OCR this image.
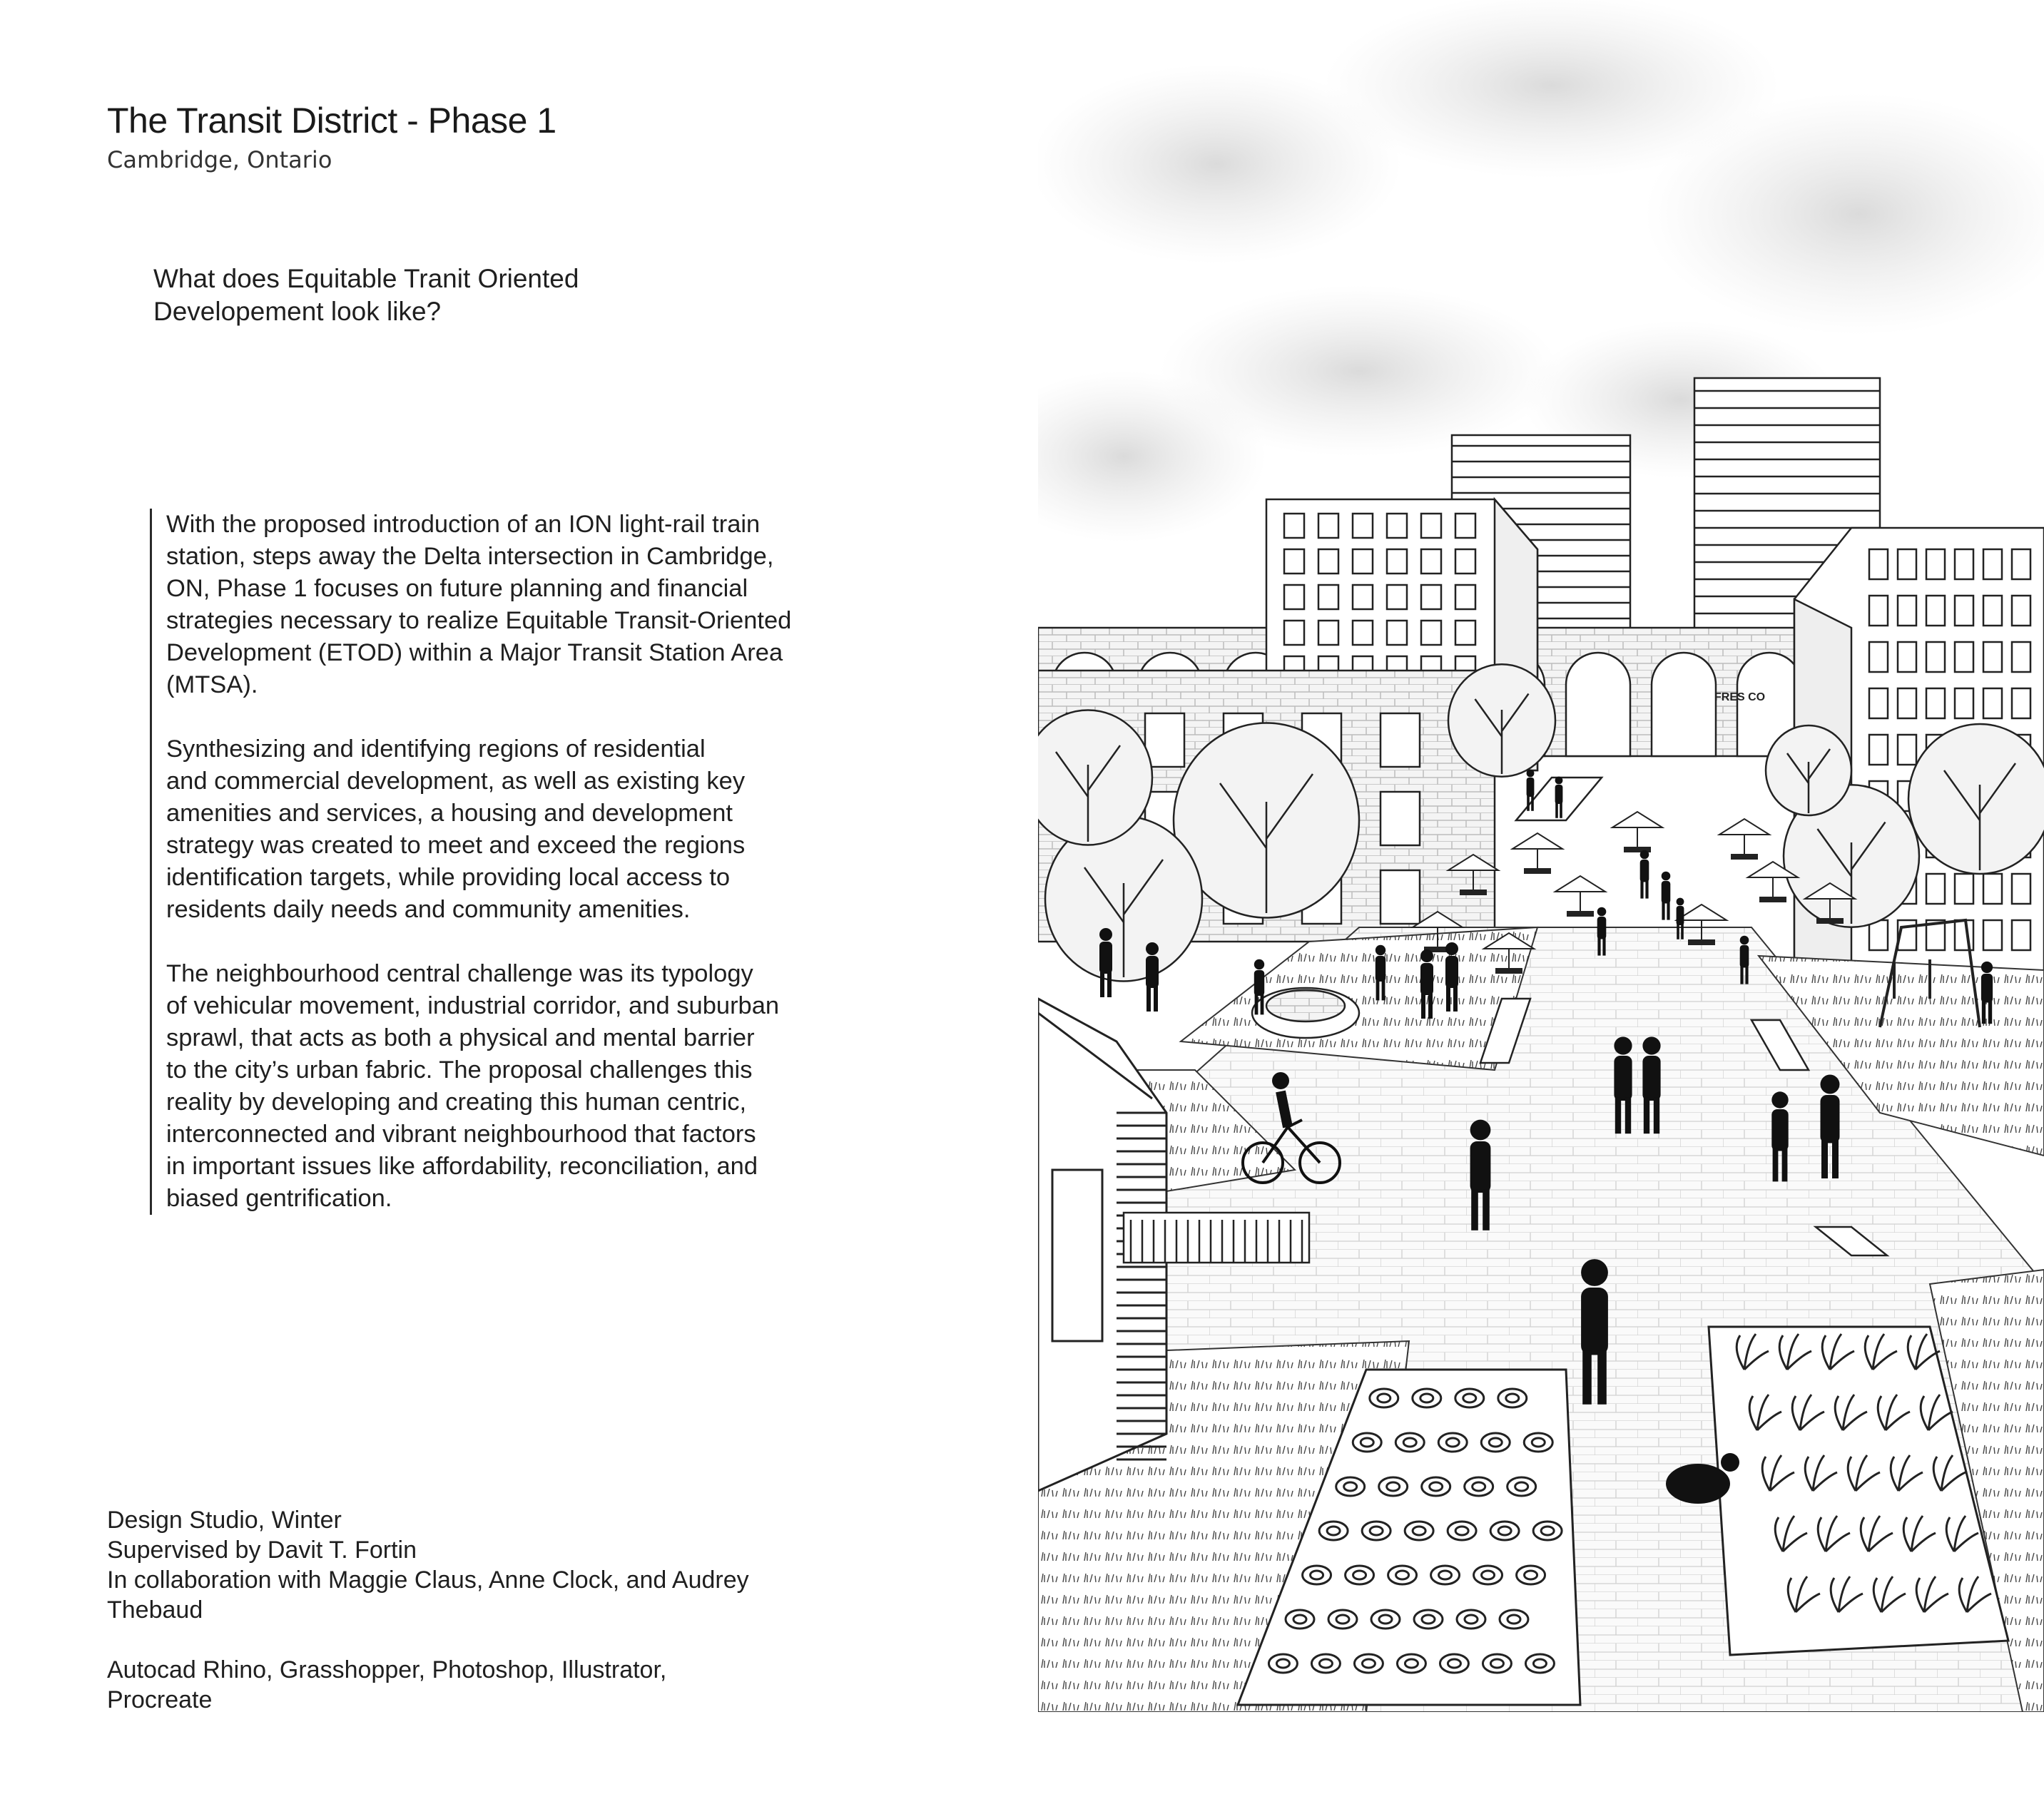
The Transit District - Phase 1
Cambridge, Ontario
What does Equitable Tranit Oriented
Developement look like?

With the proposed introduction of an ION light-rail train
station, steps away the Delta intersection in Cambridge,
ON, Phase 1 focuses on future planning and financial
strategies necessary to realize Equitable Transit-Oriented
Development (ETOD) within a Major Transit Station Area
(MTSA).

Synthesizing and identifying regions of residential
and commercial development, as well as existing key
amenities and services, a housing and development
strategy was created to meet and exceed the regions
identification targets, while providing local access to
residents daily needs and community amenities.

The neighbourhood central challenge was its typology
of vehicular movement, industrial corridor, and suburban
sprawl, that acts as both a physical and mental barrier
to the city’s urban fabric. The proposal challenges this
reality by developing and creating this human centric,
interconnected and vibrant neighbourhood that factors
in important issues like affordability, reconciliation, and
biased gentrification.

Design Studio, Winter
Supervised by Davit T. Fortin
In collaboration with Maggie Claus, Anne Clock, and Audrey
Thebaud
Autocad Rhino, Grasshopper, Photoshop, Illustrator,
Procreate
FRES CO
